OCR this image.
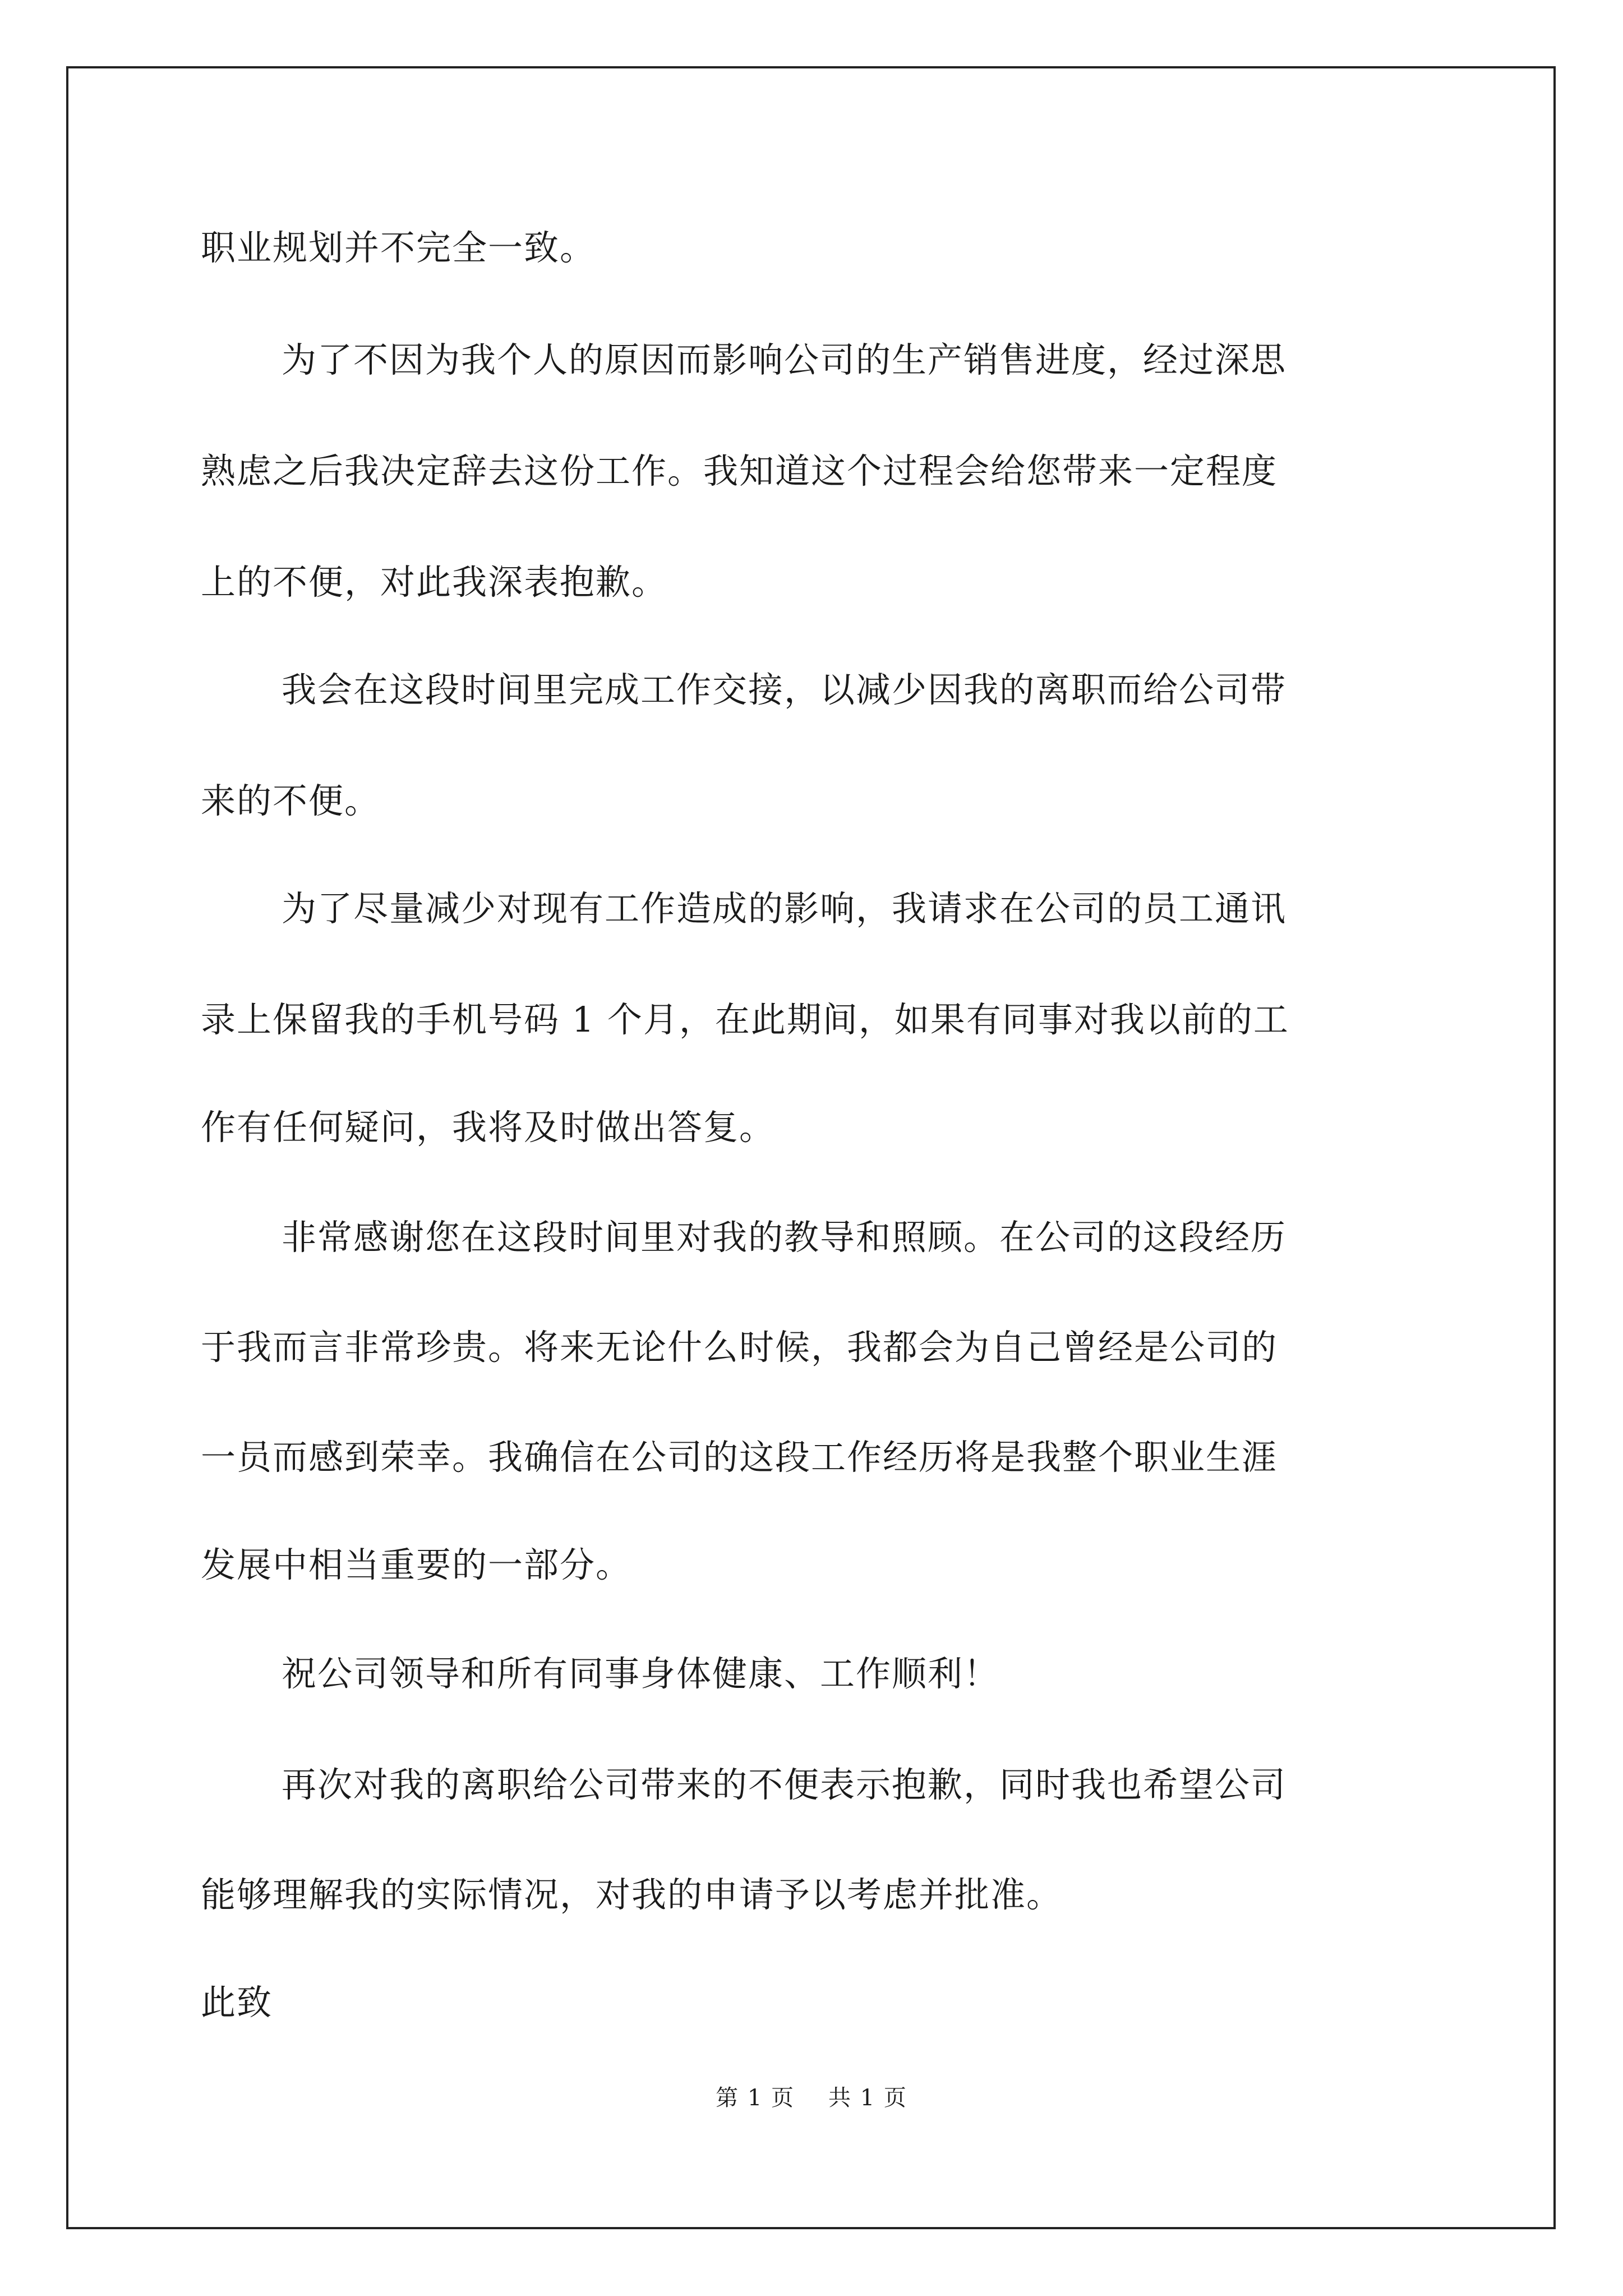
职业规划并不完全一致。
为了不因为我个人的原因而影响公司的生产销售进度，经过深思
熟虑之后我决定辞去这份工作。我知道这个过程会给您带来一定程度
上的不便，对此我深表抱歉。
我会在这段时间里完成工作交接，以减少因我的离职而给公司带
来的不便。
为了尽量减少对现有工作造成的影响，我请求在公司的员工通讯
录上保留我的手机号码 1 个月，在此期间，如果有同事对我以前的工
作有任何疑问，我将及时做出答复。
非常感谢您在这段时间里对我的教导和照顾。在公司的这段经历
于我而言非常珍贵。将来无论什么时候，我都会为自己曾经是公司的
一员而感到荣幸。我确信在公司的这段工作经历将是我整个职业生涯
发展中相当重要的一部分。
祝公司领导和所有同事身体健康、工作顺利！
再次对我的离职给公司带来的不便表示抱歉，同时我也希望公司
能够理解我的实际情况，对我的申请予以考虑并批准。
此致
第 1 页 共 1 页
